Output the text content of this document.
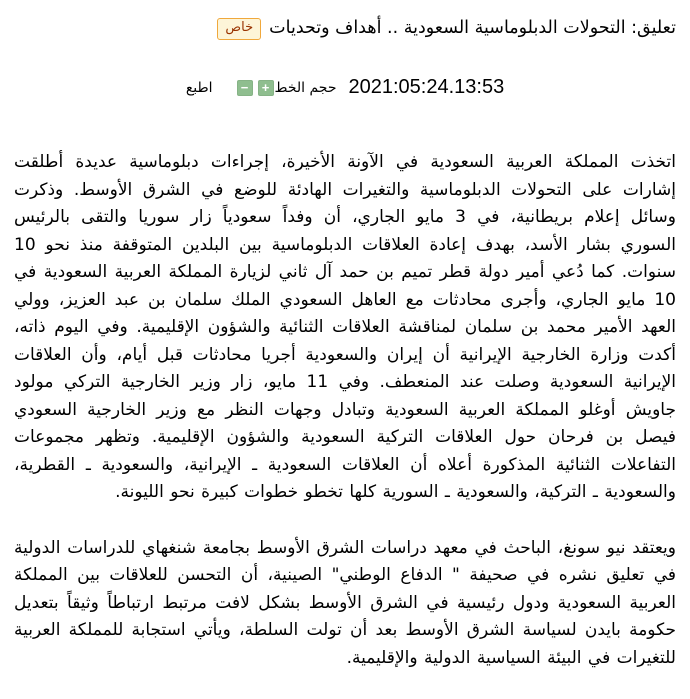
تعليق: التحولات الدبلوماسية السعودية .. أهداف وتحدياتخاص
2021:05:24.13:53
حجم الخط
+
−
اطبع

اتخذت المملكة العربية السعودية في الآونة الأخيرة، إجراءات دبلوماسية عديدة أطلقت إشارات على التحولات الدبلوماسية والتغيرات الهادئة للوضع في الشرق الأوسط. وذكرت وسائل إعلام بريطانية، في 3 مايو الجاري، أن وفداً سعودياً زار سوريا والتقى بالرئيس السوري بشار الأسد، بهدف إعادة العلاقات الدبلوماسية بين البلدين المتوقفة منذ نحو 10 سنوات. كما دُعي أمير دولة قطر تميم بن حمد آل ثاني لزيارة المملكة العربية السعودية في 10 مايو الجاري، وأجرى محادثات مع العاهل السعودي الملك سلمان بن عبد العزيز، وولي العهد الأمير محمد بن سلمان لمناقشة العلاقات الثنائية والشؤون الإقليمية. وفي اليوم ذاته، أكدت وزارة الخارجية الإيرانية أن إيران والسعودية أجريا محادثات قبل أيام، وأن العلاقات الإيرانية السعودية وصلت عند المنعطف. وفي 11 مايو، زار وزير الخارجية التركي مولود جاويش أوغلو المملكة العربية السعودية وتبادل وجهات النظر مع وزير الخارجية السعودي فيصل بن فرحان حول العلاقات التركية السعودية والشؤون الإقليمية. وتظهر مجموعات التفاعلات الثنائية المذكورة أعلاه أن العلاقات السعودية ـ الإيرانية، والسعودية ـ القطرية، والسعودية ـ التركية، والسعودية ـ السورية كلها تخطو خطوات كبيرة نحو الليونة.

ويعتقد نيو سونغ، الباحث في معهد دراسات الشرق الأوسط بجامعة شنغهاي للدراسات الدولية في تعليق نشره في صحيفة " الدفاع الوطني" الصينية، أن التحسن للعلاقات بين المملكة العربية السعودية ودول رئيسية في الشرق الأوسط بشكل لافت مرتبط ارتباطاً وثيقاً بتعديل حكومة بايدن لسياسة الشرق الأوسط بعد أن تولت السلطة، ويأتي استجابة للمملكة العربية للتغيرات في البيئة السياسية الدولية والإقليمية.
